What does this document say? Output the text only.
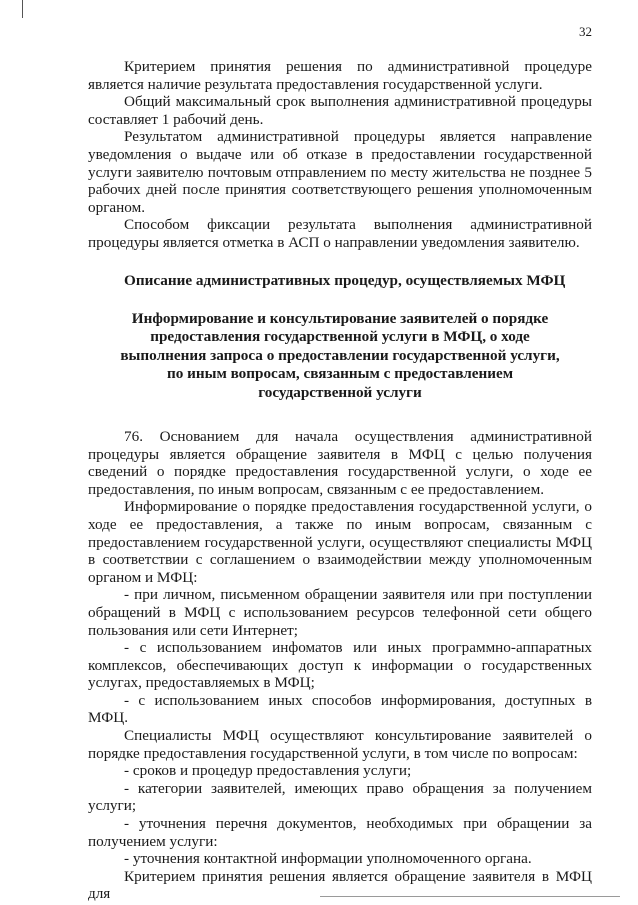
32

Критерием принятия решения по административной процедуре является наличие результата предоставления государственной услуги.

Общий максимальный срок выполнения административной процедуры составляет 1 рабочий день.

Результатом административной процедуры является направление уведомления о выдаче или об отказе в предоставлении государственной услуги заявителю почтовым отправлением по месту жительства не позднее 5 рабочих дней после принятия соответствующего решения уполномоченным органом.

Способом фиксации результата выполнения административной процедуры является отметка в АСП о направлении уведомления заявителю.

Описание административных процедур, осуществляемых МФЦ

Информирование и консультирование заявителей о порядке
предоставления государственной услуги в МФЦ, о ходе
выполнения запроса о предоставлении государственной услуги,
по иным вопросам, связанным с предоставлением
государственной услуги

76. Основанием для начала осуществления административной процедуры является обращение заявителя в МФЦ с целью получения сведений о порядке предоставления государственной услуги, о ходе ее предоставления, по иным вопросам, связанным с ее предоставлением.

Информирование о порядке предоставления государственной услуги, о ходе ее предоставления, а также по иным вопросам, связанным с предоставлением государственной услуги, осуществляют специалисты МФЦ в соответствии с соглашением о взаимодействии между уполномоченным органом и МФЦ:

- при личном, письменном обращении заявителя или при поступлении обращений в МФЦ с использованием ресурсов телефонной сети общего пользования или сети Интернет;

- с использованием инфоматов или иных программно-аппаратных комплексов, обеспечивающих доступ к информации о государственных услугах, предоставляемых в МФЦ;

- с использованием иных способов информирования, доступных в МФЦ.

Специалисты МФЦ осуществляют консультирование заявителей о порядке предоставления государственной услуги, в том числе по вопросам:

- сроков и процедур предоставления услуги;

- категории заявителей, имеющих право обращения за получением услуги;

- уточнения перечня документов, необходимых при обращении за получением услуги:

- уточнения контактной информации уполномоченного органа.

Критерием принятия решения является обращение заявителя в МФЦ для
